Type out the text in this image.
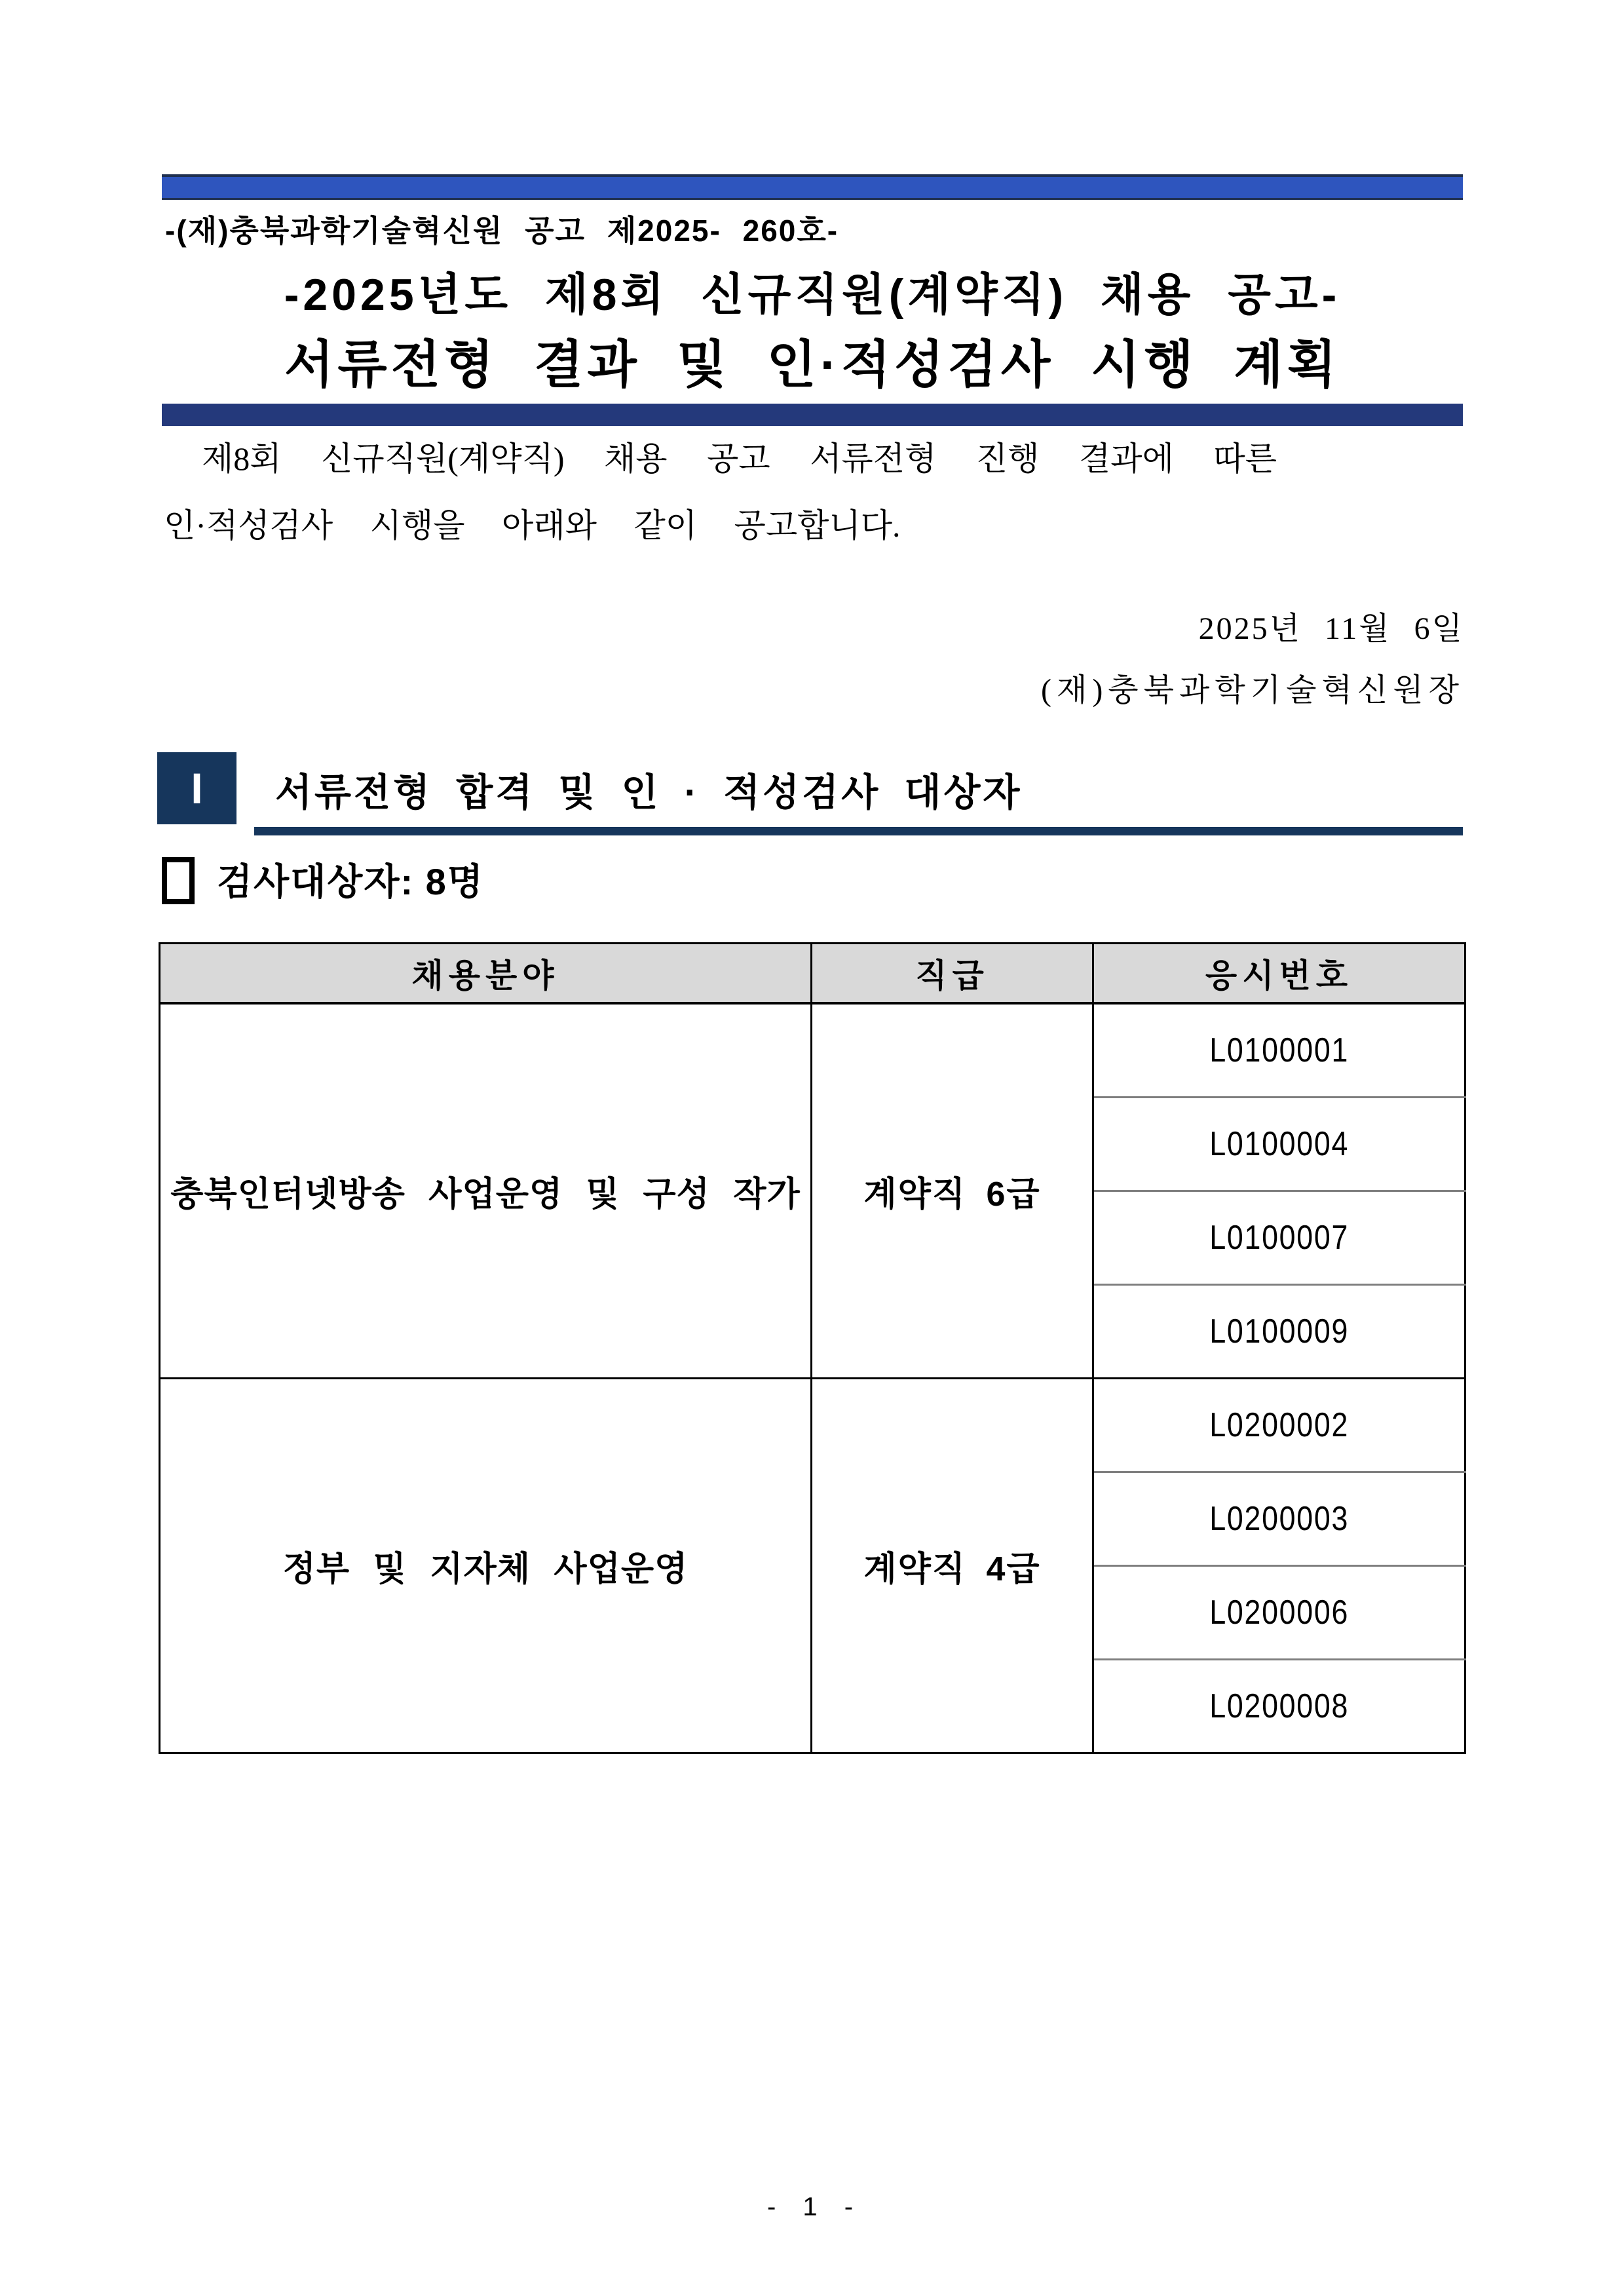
-(재)충북과학기술혁신원 공고 제2025- 260호-
-2025년도 제8회 신규직원(계약직) 채용 공고-
서류전형 결과 및 인·적성검사 시행 계획

제8회 신규직원(계약직) 채용 공고 서류전형 진행 결과에 따른

인·적성검사 시행을 아래와 같이 공고합니다.

2025년 11월 6일
(재)충북과학기술혁신원장
I 서류전형 합격 및 인 · 적성검사 대상자
검사대상자: 8명
채용분야	직급	응시번호
충북인터넷방송 사업운영 및 구성 작가	계약직 6급	L0100001
		L0100004
		L0100007
		L0100009
정부 및 지자체 사업운영	계약직 4급	L0200002
		L0200003
		L0200006
		L0200008
- 1 -
